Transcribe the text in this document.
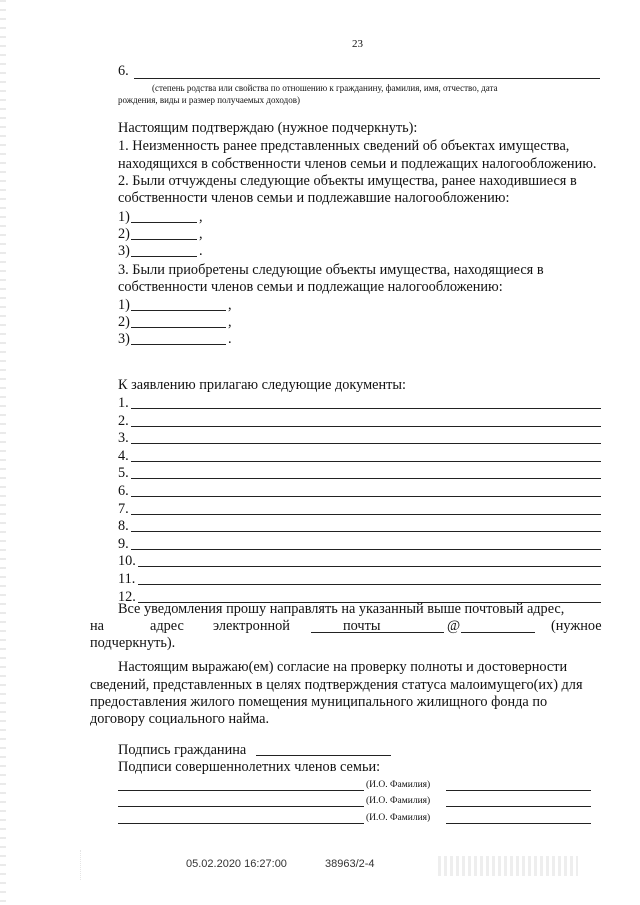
23
6.
(степень родства или свойства по отношению к гражданину, фамилия, имя, отчество, дата
рождения, виды и размер получаемых доходов)
Настоящим подтверждаю (нужное подчеркнуть):
1. Неизменность ранее представленных сведений об объектах имущества,
находящихся в собственности членов семьи и подлежащих налогообложению.
2. Были отчуждены следующие объекты имущества, ранее находившиеся в
собственности членов семьи и подлежавшие налогообложению:
1)	,
2)	,
3)	.
3. Были приобретены следующие объекты имущества, находящиеся в
собственности членов семьи и подлежащие налогообложению:
1)	,
2)	,
3)	.
К заявлению прилагаю следующие документы:
1.
2.
3.
4.
5.
6.
7.
8.
9.
10.
11.
12.
Все уведомления прошу направлять на указанный выше почтовый адрес,
на	адрес электронной	почты	@	(нужное
подчеркнуть).
Настоящим выражаю(ем) согласие на проверку полноты и достоверности
сведений, представленных в целях подтверждения статуса малоимущего(их) для
предоставления жилого помещения муниципального жилищного фонда по
договору социального найма.
Подпись гражданина
Подписи совершеннолетних членов семьи:
(И.О. Фамилия)
(И.О. Фамилия)
(И.О. Фамилия)
05.02.2020 16:27:00	38963/2-4
